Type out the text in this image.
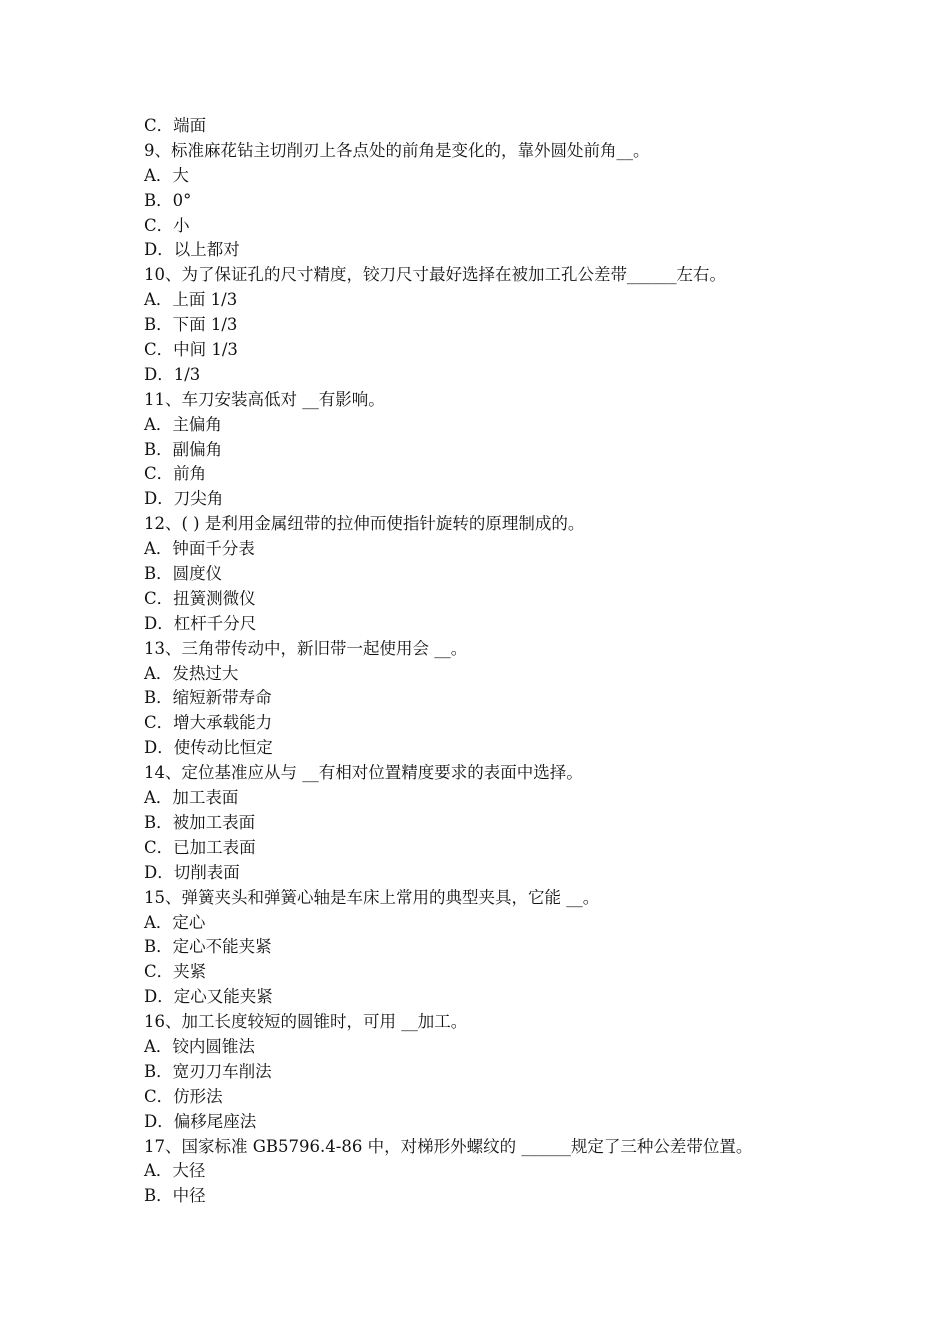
C．端面
9、标准麻花钻主切削刃上各点处的前角是变化的，靠外圆处前角__。
A．大
B．0°
C．小
D．以上都对
10、为了保证孔的尺寸精度，铰刀尺寸最好选择在被加工孔公差带______左右。
A．上面 1/3
B．下面 1/3
C．中间 1/3
D．1/3
11、车刀安装高低对 __有影响。
A．主偏角
B．副偏角
C．前角
D．刀尖角
12、( ) 是利用金属纽带的拉伸而使指针旋转的原理制成的。
A．钟面千分表
B．圆度仪
C．扭簧测微仪
D．杠杆千分尺
13、三角带传动中，新旧带一起使用会 __。
A．发热过大
B．缩短新带寿命
C．增大承载能力
D．使传动比恒定
14、定位基准应从与 __有相对位置精度要求的表面中选择。
A．加工表面
B．被加工表面
C．已加工表面
D．切削表面
15、弹簧夹头和弹簧心轴是车床上常用的典型夹具，它能 __。
A．定心
B．定心不能夹紧
C．夹紧
D．定心又能夹紧
16、加工长度较短的圆锥时，可用 __加工。
A．铰内圆锥法
B．宽刃刀车削法
C．仿形法
D．偏移尾座法
17、国家标准 GB5796.4-86 中，对梯形外螺纹的 ______规定了三种公差带位置。
A．大径
B．中径
